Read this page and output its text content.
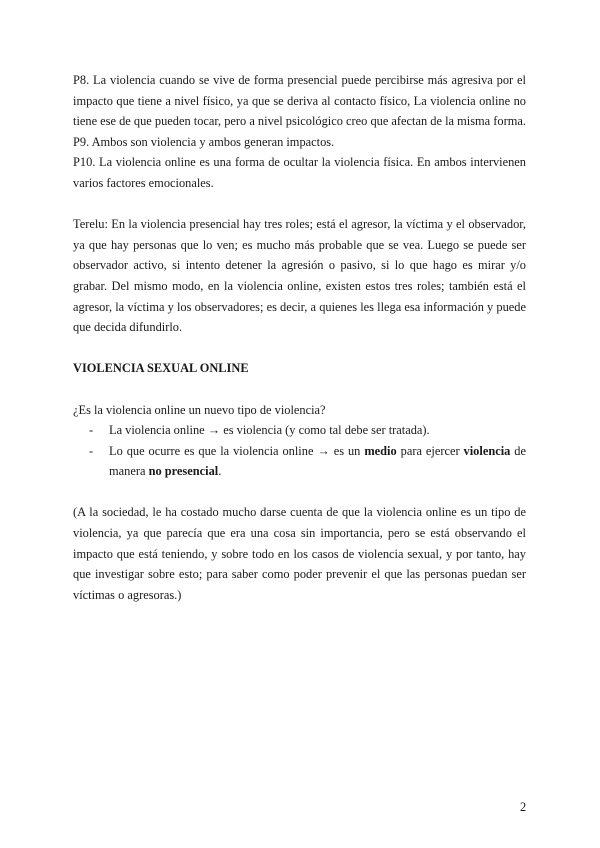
P8. La violencia cuando se vive de forma presencial puede percibirse más agresiva por el impacto que tiene a nivel físico, ya que se deriva al contacto físico, La violencia online no tiene ese de que pueden tocar, pero a nivel psicológico creo que afectan de la misma forma.

P9. Ambos son violencia y ambos generan impactos.

P10. La violencia online es una forma de ocultar la violencia física. En ambos intervienen varios factores emocionales.

Terelu: En la violencia presencial hay tres roles; está el agresor, la víctima y el observador, ya que hay personas que lo ven; es mucho más probable que se vea. Luego se puede ser observador activo, si intento detener la agresión o pasivo, si lo que hago es mirar y/o grabar. Del mismo modo, en la violencia online, existen estos tres roles; también está el agresor, la víctima y los observadores; es decir, a quienes les llega esa información y puede que decida difundirlo.

VIOLENCIA SEXUAL ONLINE

¿Es la violencia online un nuevo tipo de violencia?

- La violencia online → es violencia (y como tal debe ser tratada).
- Lo que ocurre es que la violencia online → es un medio para ejercer violencia de manera no presencial.

(A la sociedad, le ha costado mucho darse cuenta de que la violencia online es un tipo de violencia, ya que parecía que era una cosa sin importancia, pero se está observando el impacto que está teniendo, y sobre todo en los casos de violencia sexual, y por tanto, hay que investigar sobre esto; para saber como poder prevenir el que las personas puedan ser víctimas o agresoras.)

2
